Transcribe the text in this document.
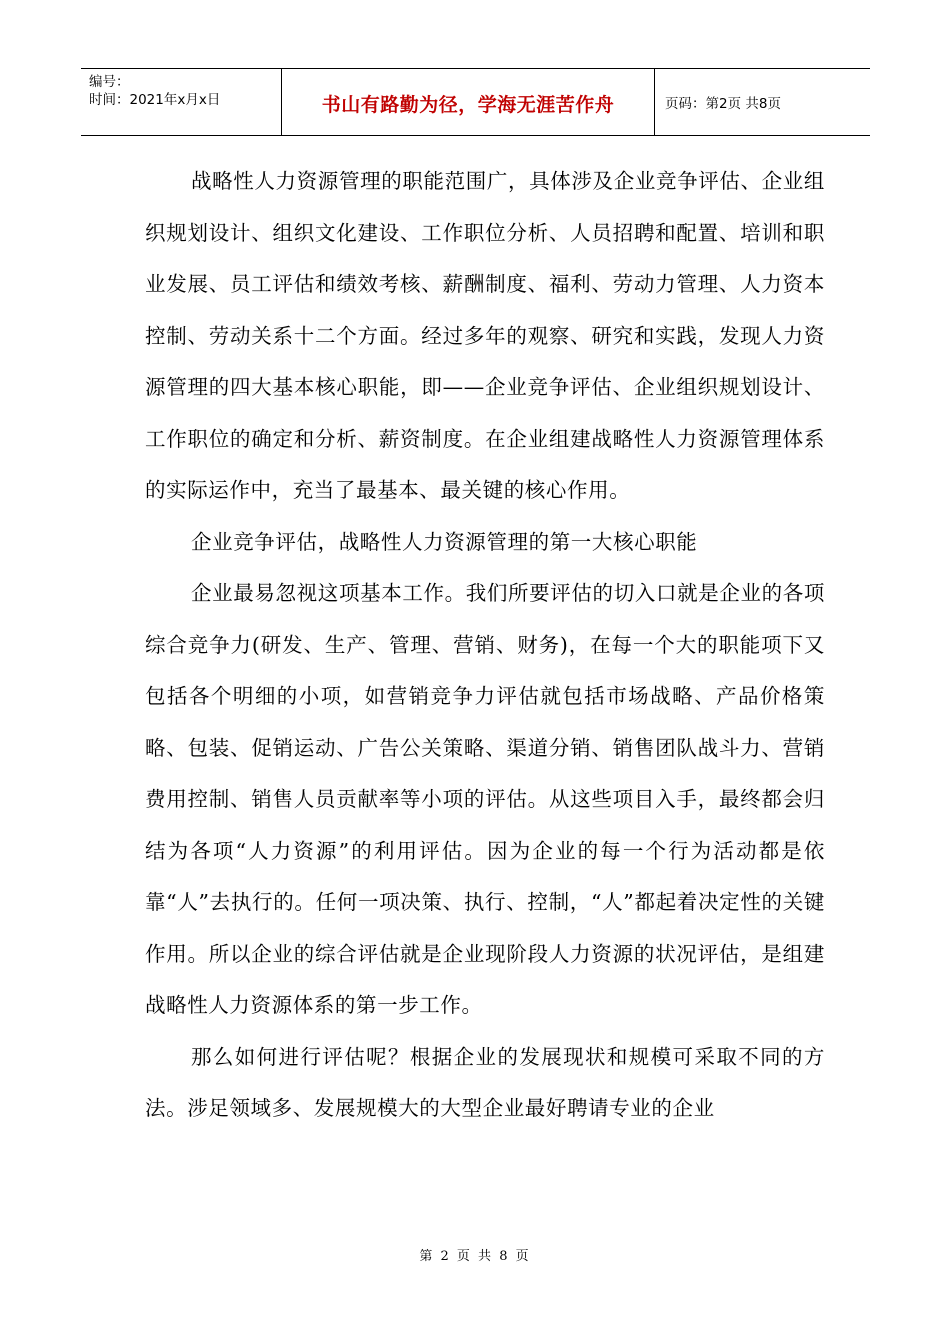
编号：
时间：2021年x月x日	书山有路勤为径，学海无涯苦作舟	页码：第2页 共8页

战略性人力资源管理的职能范围广，具体涉及企业竞争评估、企业组织规划设计、组织文化建设、工作职位分析、人员招聘和配置、培训和职业发展、员工评估和绩效考核、薪酬制度、福利、劳动力管理、人力资本控制、劳动关系十二个方面。经过多年的观察、研究和实践，发现人力资源管理的四大基本核心职能，即——企业竞争评估、企业组织规划设计、工作职位的确定和分析、薪资制度。在企业组建战略性人力资源管理体系的实际运作中，充当了最基本、最关键的核心作用。

企业竞争评估，战略性人力资源管理的第一大核心职能

企业最易忽视这项基本工作。我们所要评估的切入口就是企业的各项综合竞争力(研发、生产、管理、营销、财务)，在每一个大的职能项下又包括各个明细的小项，如营销竞争力评估就包括市场战略、产品价格策略、包装、促销运动、广告公关策略、渠道分销、销售团队战斗力、营销费用控制、销售人员贡献率等小项的评估。从这些项目入手，最终都会归结为各项“人力资源”的利用评估。因为企业的每一个行为活动都是依靠“人”去执行的。任何一项决策、执行、控制，“人”都起着决定性的关键作用。所以企业的综合评估就是企业现阶段人力资源的状况评估，是组建战略性人力资源体系的第一步工作。

那么如何进行评估呢？根据企业的发展现状和规模可采取不同的方法。涉足领域多、发展规模大的大型企业最好聘请专业的企业

第 2 页 共 8 页
